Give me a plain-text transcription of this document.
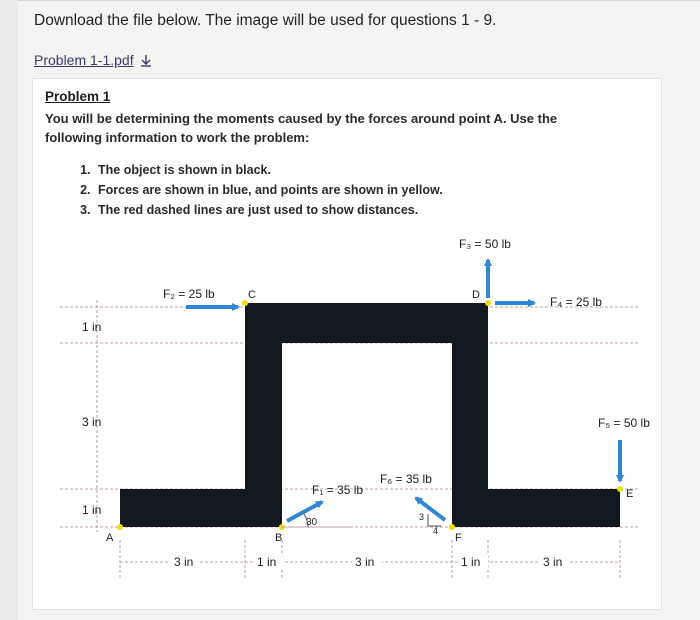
Download the file below. The image will be used for questions 1 - 9.
Problem 1-1.pdf
Problem 1
You will be determining the moments caused by the forces around point A. Use the following information to work the problem:
1. The object is shown in black.
2. Forces are shown in blue, and points are shown in yellow.
3. The red dashed lines are just used to show distances.
F₂ = 25 lb
F₃ = 50 lb
F₄ = 25 lb
F₅ = 50 lb
F₁ = 35 lb
F₆ = 35 lb
A	B
C	D
E
F
30	3
4
1 in
3 in
1 in
3 in	1 in	3 in	1 in	3 in
